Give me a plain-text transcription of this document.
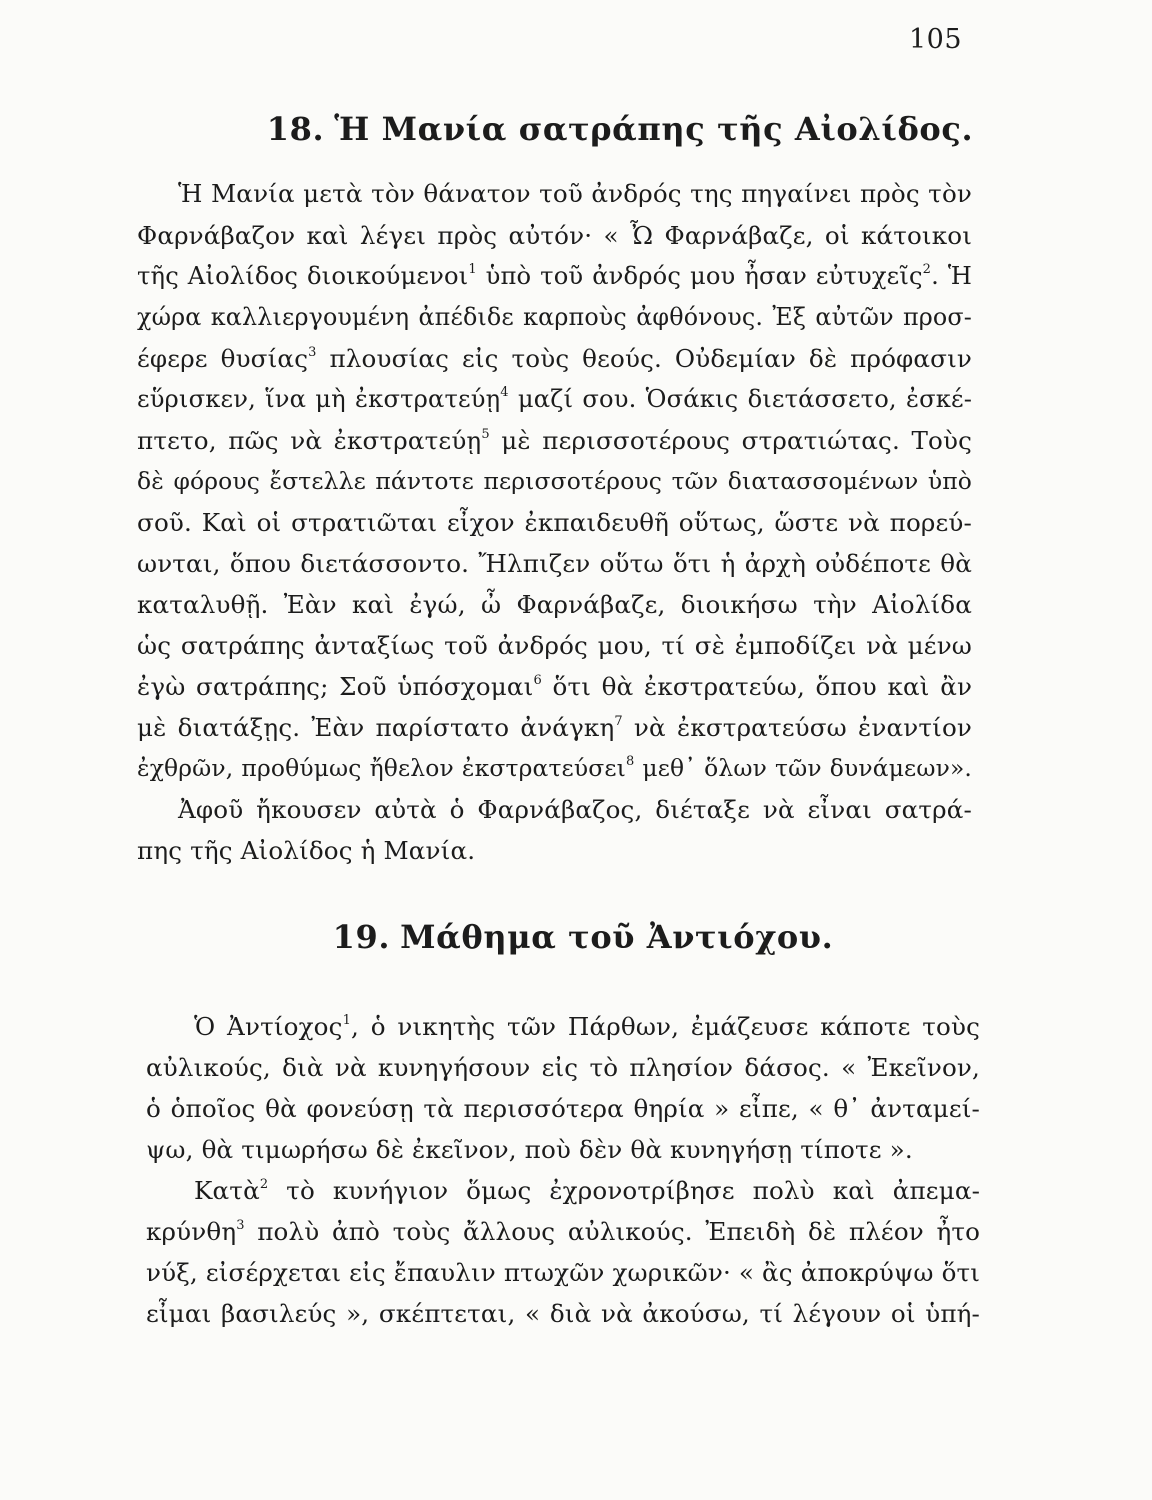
105
18. Ἡ Μανία σατράπης τῆς Αἰολίδος.
Ἡ Μανία μετὰ τὸν θάνατον τοῦ ἀνδρός της πηγαίνει πρὸς τὸν
Φαρνάβαζον καὶ λέγει πρὸς αὐτόν· « Ὦ Φαρνάβαζε, οἱ κάτοικοι
τῆς Αἰολίδος διοικούμενοι$^1$ ὑπὸ τοῦ ἀνδρός μου ἦσαν εὐτυχεῖς$^2$. Ἡ
χώρα καλλιεργουμένη ἀπέδιδε καρποὺς ἀφθόνους. Ἐξ αὐτῶν προσ-
έφερε θυσίας$^3$ πλουσίας εἰς τοὺς θεούς. Οὐδεμίαν δὲ πρόφασιν
εὕρισκεν, ἵνα μὴ ἐκστρατεύῃ$^4$ μαζί σου. Ὁσάκις διετάσσετο, ἐσκέ-
πτετο, πῶς νὰ ἐκστρατεύῃ$^5$ μὲ περισσοτέρους στρατιώτας. Τοὺς
δὲ φόρους ἔστελλε πάντοτε περισσοτέρους τῶν διατασσομένων ὑπὸ
σοῦ. Καὶ οἱ στρατιῶται εἶχον ἐκπαιδευθῆ οὕτως, ὥστε νὰ πορεύ-
ωνται, ὅπου διετάσσοντο. Ἤλπιζεν οὕτω ὅτι ἡ ἀρχὴ οὐδέποτε θὰ
καταλυθῇ. Ἐὰν καὶ ἐγώ, ὦ Φαρνάβαζε, διοικήσω τὴν Αἰολίδα
ὡς σατράπης ἀνταξίως τοῦ ἀνδρός μου, τί σὲ ἐμποδίζει νὰ μένω
ἐγὼ σατράπης; Σοῦ ὑπόσχομαι$^6$ ὅτι θὰ ἐκστρατεύω, ὅπου καὶ ἂν
μὲ διατάξῃς. Ἐὰν παρίστατο ἀνάγκη$^7$ νὰ ἐκστρατεύσω ἐναντίον
ἐχθρῶν, προθύμως ἤθελον ἐκστρατεύσει$^8$ μεθ᾽ ὅλων τῶν δυνάμεων».
Ἀφοῦ ἤκουσεν αὐτὰ ὁ Φαρνάβαζος, διέταξε νὰ εἶναι σατρά-
πης τῆς Αἰολίδος ἡ Μανία.
19. Μάθημα τοῦ Ἀντιόχου.
Ὁ Ἀντίοχος$^1$, ὁ νικητὴς τῶν Πάρθων, ἐμάζευσε κάποτε τοὺς
αὐλικούς, διὰ νὰ κυνηγήσουν εἰς τὸ πλησίον δάσος. « Ἐκεῖνον,
ὁ ὁποῖος θὰ φονεύσῃ τὰ περισσότερα θηρία » εἶπε, « θ᾽ ἀνταμεί-
ψω, θὰ τιμωρήσω δὲ ἐκεῖνον, ποὺ δὲν θὰ κυνηγήσῃ τίποτε ».
Κατὰ$^2$ τὸ κυνήγιον ὅμως ἐχρονοτρίβησε πολὺ καὶ ἀπεμα-
κρύνθη$^3$ πολὺ ἀπὸ τοὺς ἄλλους αὐλικούς. Ἐπειδὴ δὲ πλέον ἦτο
νύξ, εἰσέρχεται εἰς ἔπαυλιν πτωχῶν χωρικῶν· « ἂς ἀποκρύψω ὅτι
εἶμαι βασιλεύς », σκέπτεται, « διὰ νὰ ἀκούσω, τί λέγουν οἱ ὑπή-
